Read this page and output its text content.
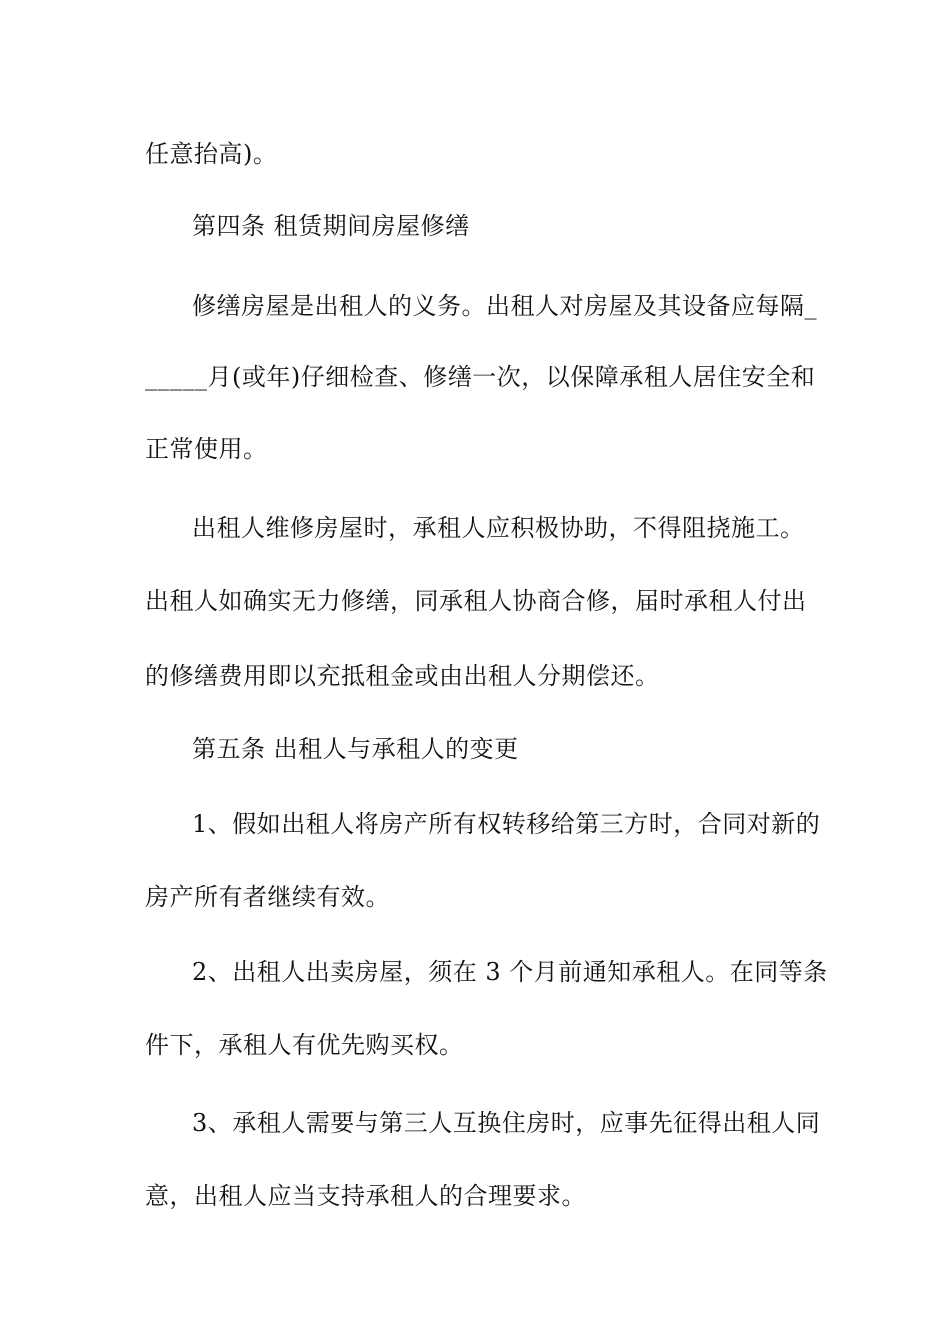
任意抬高)。
第四条 租赁期间房屋修缮
修缮房屋是出租人的义务。出租人对房屋及其设备应每隔_
_____月(或年)仔细检查、修缮一次，以保障承租人居住安全和
正常使用。
出租人维修房屋时，承租人应积极协助，不得阻挠施工。
出租人如确实无力修缮，同承租人协商合修，届时承租人付出
的修缮费用即以充抵租金或由出租人分期偿还。
第五条 出租人与承租人的变更
1、假如出租人将房产所有权转移给第三方时，合同对新的
房产所有者继续有效。
2、出租人出卖房屋，须在 3 个月前通知承租人。在同等条
件下，承租人有优先购买权。
3、承租人需要与第三人互换住房时，应事先征得出租人同
意，出租人应当支持承租人的合理要求。
